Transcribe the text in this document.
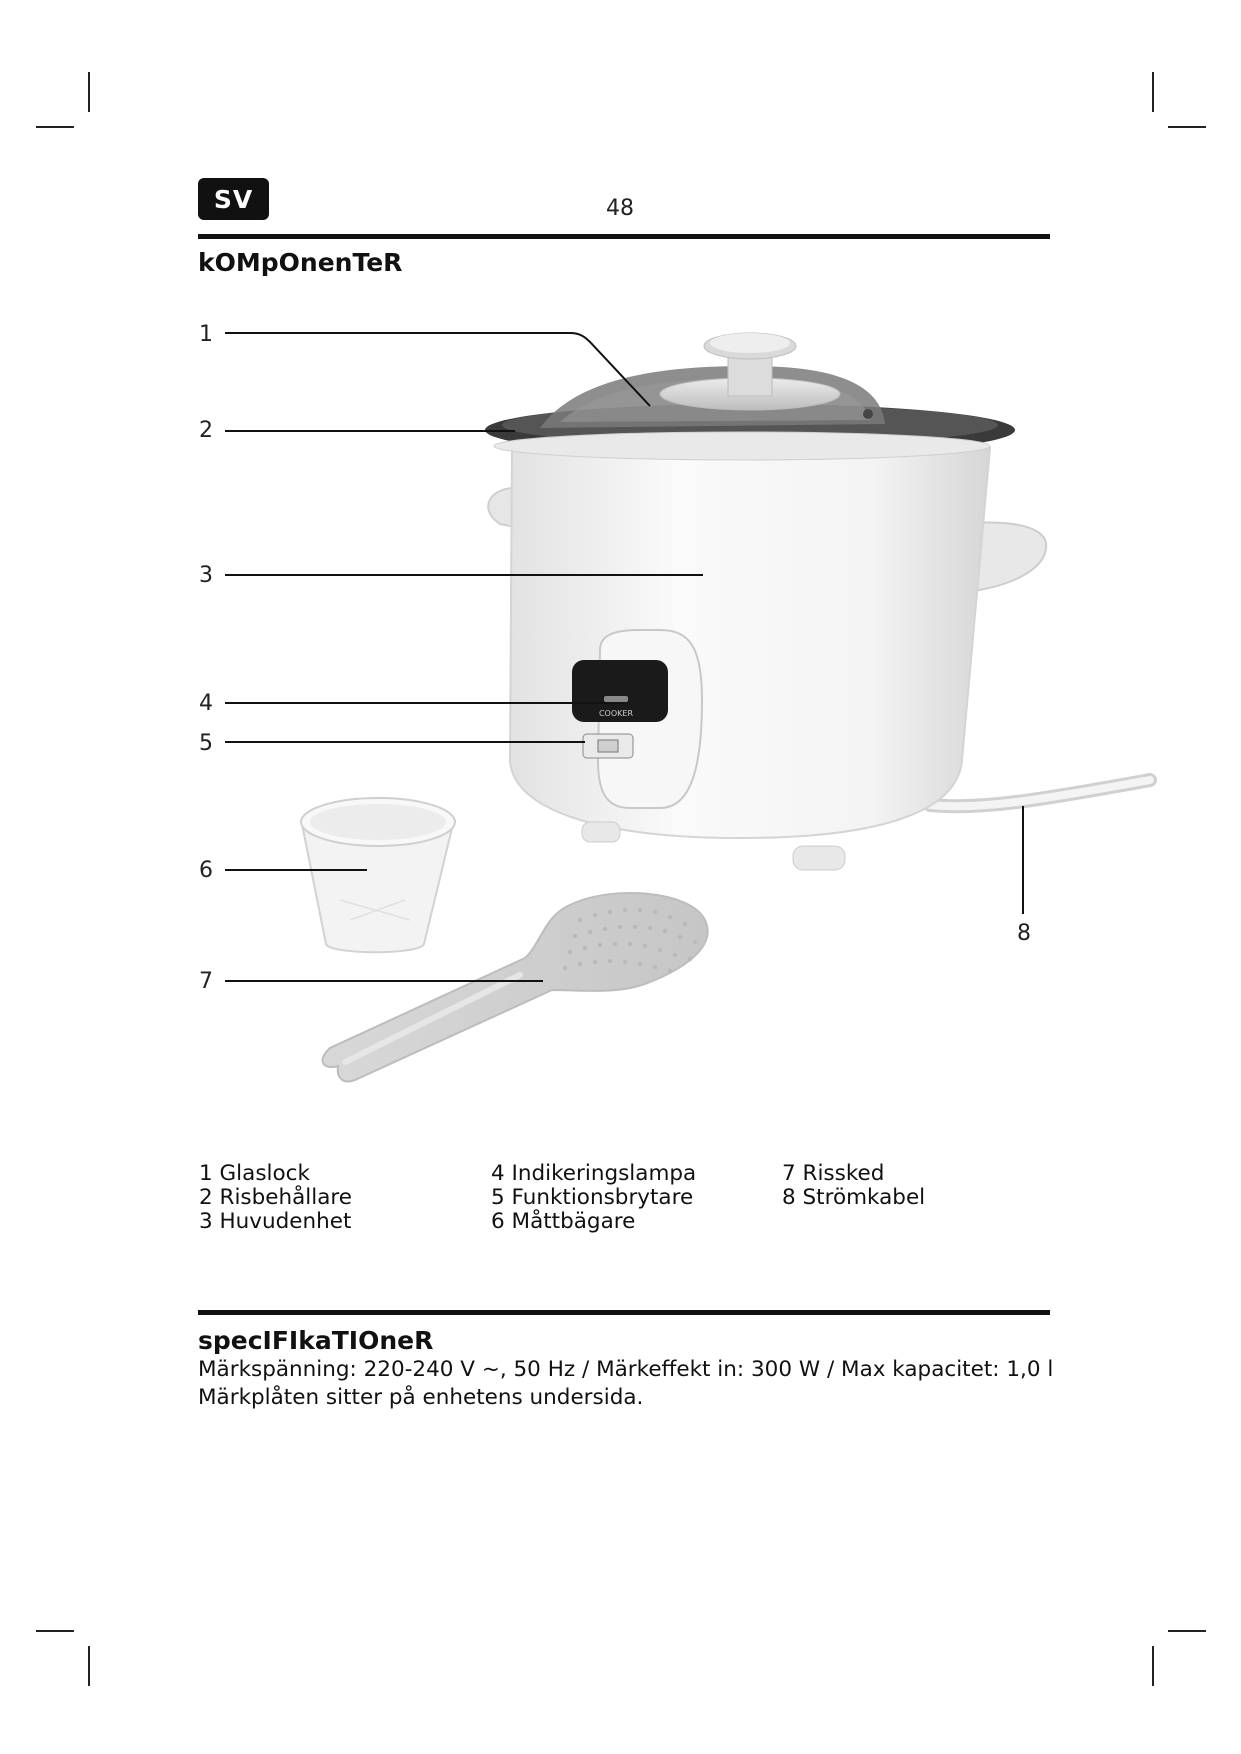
SV	48
kOMpOnenTeR
COOKER
1
2
3
4
5
6
7
8
1 Glaslock
2 Risbehållare
3 Huvudenhet
4 Indikeringslampa
5 Funktionsbrytare
6 Måttbägare
7 Rissked
8 Strömkabel
specIFIkaTIOneR
Märkspänning: 220-240 V ~, 50 Hz / Märkeffekt in: 300 W / Max kapacitet: 1,0 l
Märkplåten sitter på enhetens undersida.
